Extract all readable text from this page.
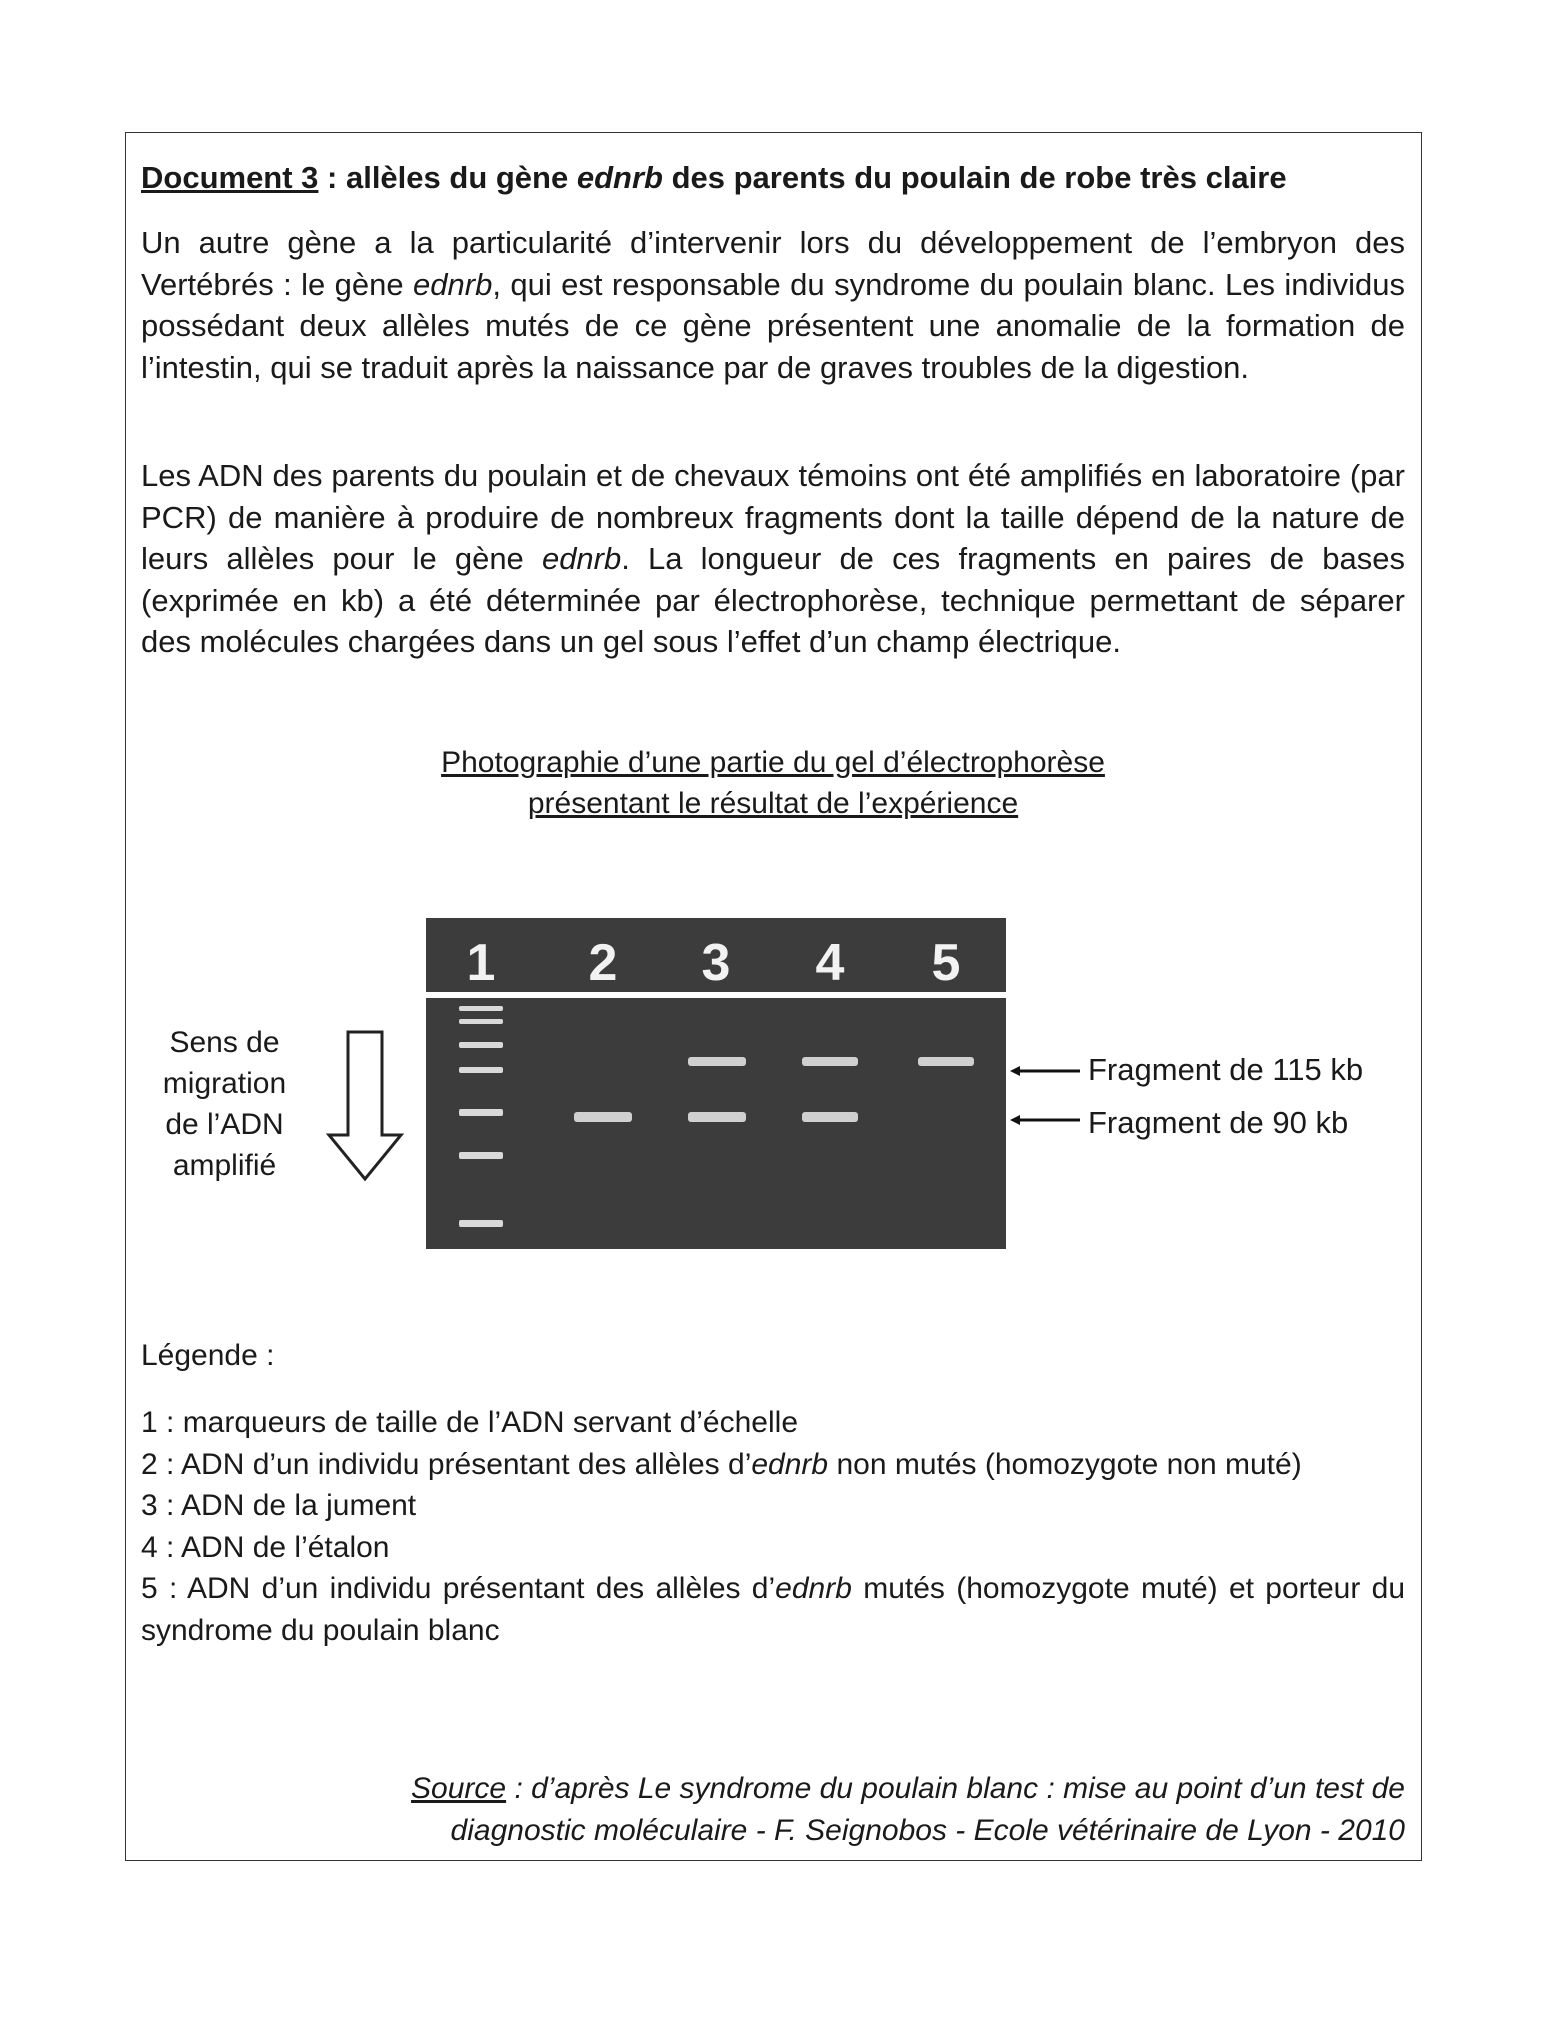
Document 3 : allèles du gène ednrb des parents du poulain de robe très claire
Un autre gène a la particularité d’intervenir lors du développement de l’embryon des Vertébrés : le gène ednrb, qui est responsable du syndrome du poulain blanc. Les individus possédant deux allèles mutés de ce gène présentent une anomalie de la formation de l’intestin, qui se traduit après la naissance par de graves troubles de la digestion.
Les ADN des parents du poulain et de chevaux témoins ont été amplifiés en laboratoire (par PCR) de manière à produire de nombreux fragments dont la taille dépend de la nature de leurs allèles pour le gène ednrb. La longueur de ces fragments en paires de bases (exprimée en kb) a été déterminée par électrophorèse, technique permettant de séparer des molécules chargées dans un gel sous l’effet d’un champ électrique.
Photographie d’une partie du gel d’électrophorèse
présentant le résultat de l’expérience
Sens de
migration
de l’ADN
amplifié
1 2 3 4 5
Fragment de 115 kb
Fragment de 90 kb
Légende :
1 : marqueurs de taille de l’ADN servant d’échelle
2 : ADN d’un individu présentant des allèles d’ednrb non mutés (homozygote non muté)
3 : ADN de la jument
4 : ADN de l’étalon
5 : ADN d’un individu présentant des allèles d’ednrb mutés (homozygote muté) et porteur du syndrome du poulain blanc
Source : d’après Le syndrome du poulain blanc : mise au point d’un test de
diagnostic moléculaire - F. Seignobos - Ecole vétérinaire de Lyon - 2010
